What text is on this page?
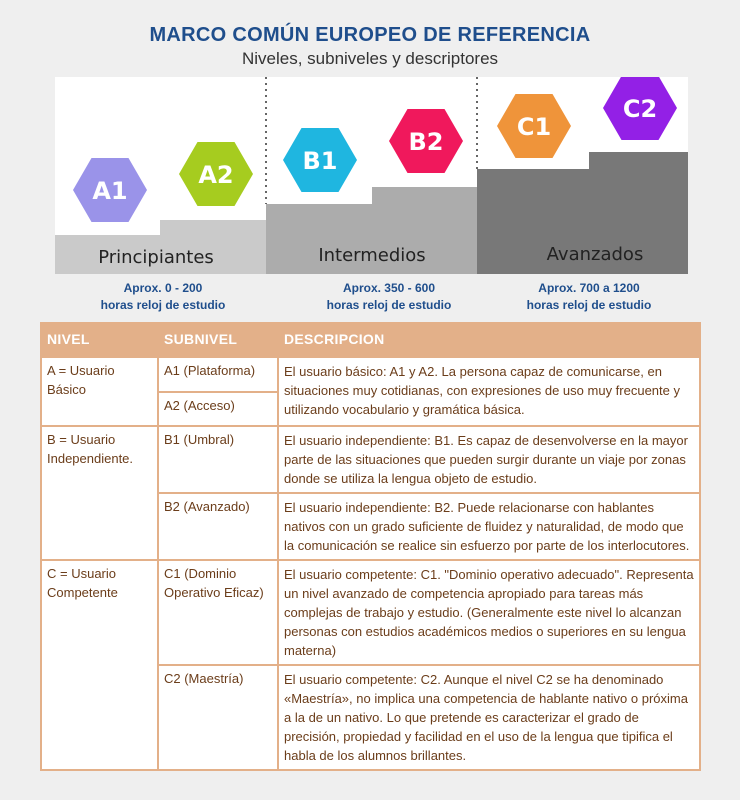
MARCO COMÚN EUROPEO DE REFERENCIA
Niveles, subniveles y descriptores
A1
A2	B1
B2
C1
C2
Principiantes	Intermedios	Avanzados
Aprox. 0 - 200
horas reloj de estudio
Aprox. 350 - 600
horas reloj de estudio
Aprox. 700 a 1200
horas reloj de estudio
NIVEL	SUBNIVEL	DESCRIPCION
A = Usuario Básico	A1 (Plataforma)	El usuario básico: A1 y A2. La persona capaz de comunicarse, en situaciones muy cotidianas, con expresiones de uso muy frecuente y utilizando vocabulario y gramática básica.
	A2 (Acceso)	
B = Usuario Independiente.	B1 (Umbral)	El usuario independiente: B1. Es capaz de desenvolverse en la mayor parte de las situaciones que pueden surgir durante un viaje por zonas donde se utiliza la lengua objeto de estudio.
	B2 (Avanzado)	El usuario independiente: B2. Puede relacionarse con hablantes nativos con un grado suficiente de fluidez y naturalidad, de modo que la comunicación se realice sin esfuerzo por parte de los interlocutores.
C = Usuario Competente	C1 (Dominio Operativo Eficaz)	El usuario competente: C1. "Dominio operativo adecuado". Representa un nivel avanzado de competencia apropiado para tareas más complejas de trabajo y estudio. (Generalmente este nivel lo alcanzan personas con estudios académicos medios o superiores en su lengua materna)
	C2 (Maestría)	El usuario competente: C2. Aunque el nivel C2 se ha denominado «Maestría», no implica una competencia de hablante nativo o próxima a la de un nativo. Lo que pretende es caracterizar el grado de precisión, propiedad y facilidad en el uso de la lengua que tipifica el habla de los alumnos brillantes.
